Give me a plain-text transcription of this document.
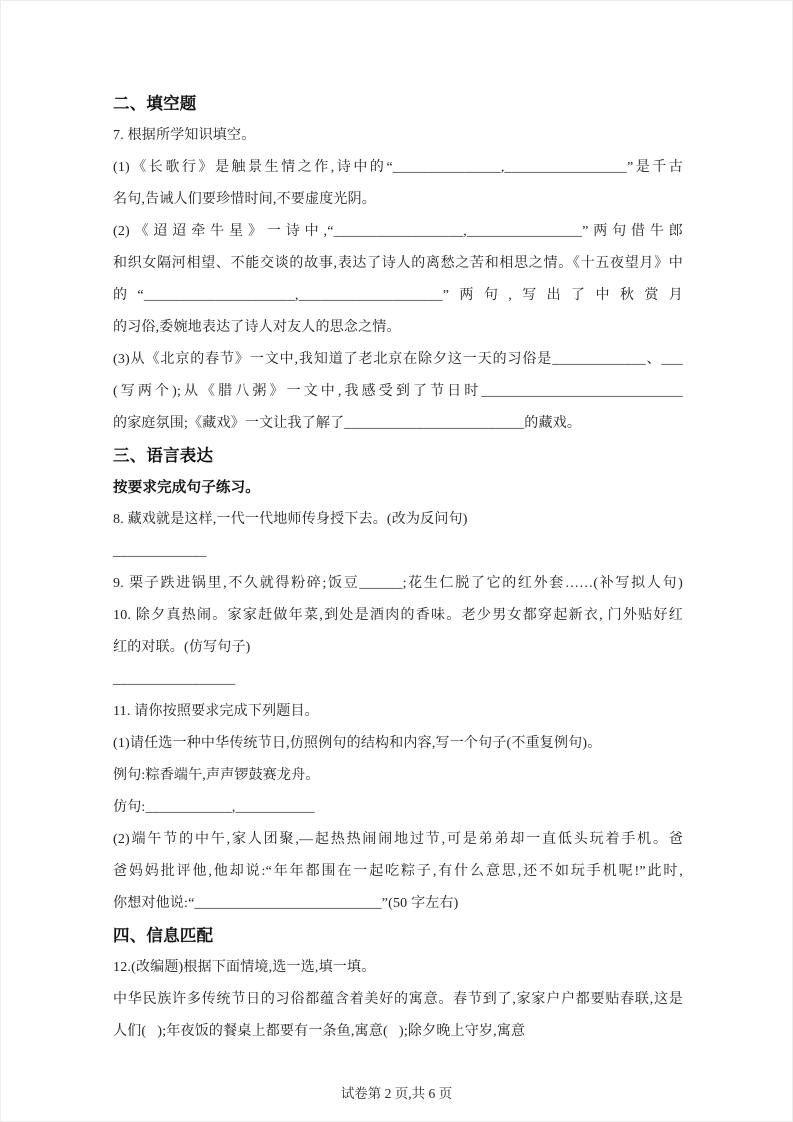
二、填空题
7. 根据所学知识填空。
(1)《长歌行》是触景生情之作,诗中的“_______________,_________________”是千古
名句,告诫人们要珍惜时间,不要虚度光阴。
(2)《迢迢牵牛星》一诗中,“__________________,________________”两句借牛郎
和织女隔河相望、不能交谈的故事,表达了诗人的离愁之苦和相思之情。《十五夜望月》中
的“_____________________,____________________”两句,写出了中秋赏月
的习俗,委婉地表达了诗人对友人的思念之情。
(3)从《北京的春节》一文中,我知道了老北京在除夕这一天的习俗是_____________、___
(写两个);从《腊八粥》一文中,我感受到了节日时____________________________
的家庭氛围;《藏戏》一文让我了解了_________________________的藏戏。
三、语言表达
按要求完成句子练习。
8. 藏戏就是这样,一代一代地师传身授下去。(改为反问句)
_____________
9. 栗子跌进锅里,不久就得粉碎;饭豆______;花生仁脱了它的红外套……(补写拟人句)
10. 除夕真热闹。家家赶做年菜,到处是酒肉的香味。老少男女都穿起新衣, 门外贴好红
红的对联。(仿写句子)
_________________
11. 请你按照要求完成下列题目。
(1)请任选一种中华传统节日,仿照例句的结构和内容,写一个句子(不重复例句)。
例句:粽香端午,声声锣鼓赛龙舟。
仿句:____________,___________
(2)端午节的中午,家人团聚,—起热热闹闹地过节,可是弟弟却一直低头玩着手机。爸
爸妈妈批评他,他却说:“年年都围在一起吃粽子,有什么意思,还不如玩手机呢!”此时,
你想对他说:“__________________________”(50 字左右)
四、信息匹配
12.(改编题)根据下面情境,选一选,填一填。
中华民族许多传统节日的习俗都蕴含着美好的寓意。春节到了,家家户户都要贴春联,这是
人们(   );年夜饭的餐桌上都要有一条鱼,寓意(   );除夕晚上守岁,寓意
试卷第 2 页,共 6 页
